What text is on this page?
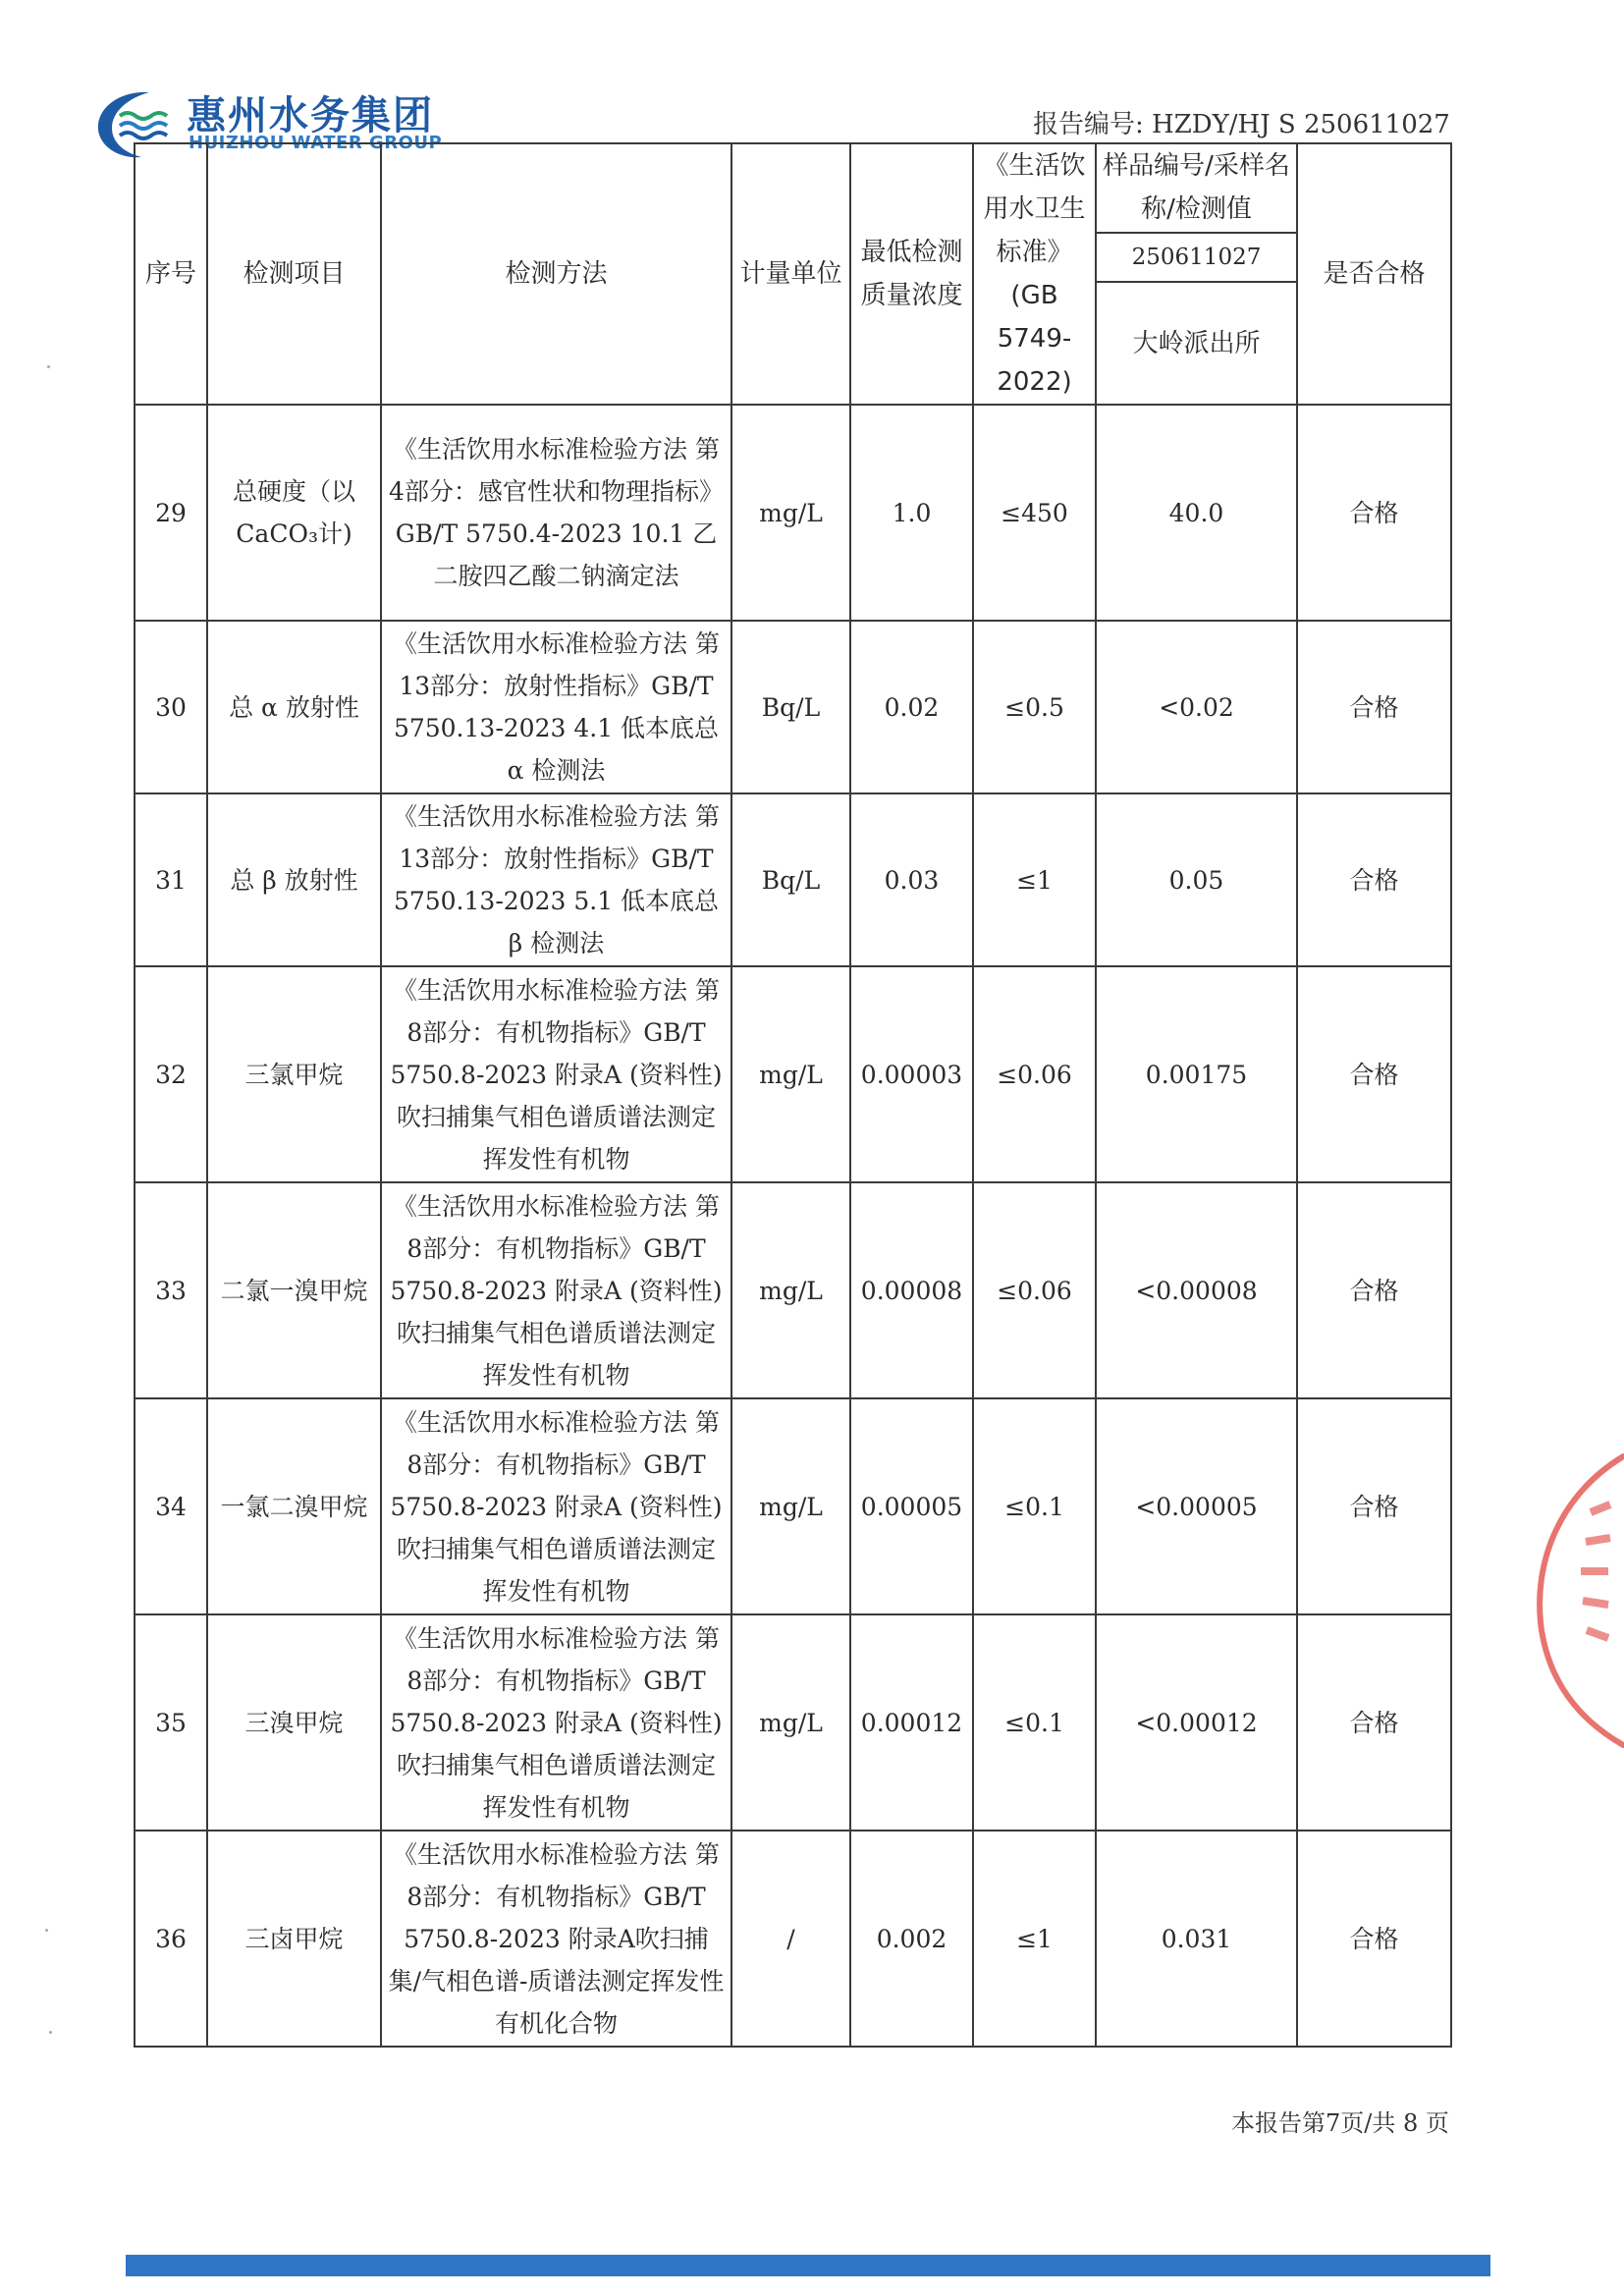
惠州水务集团
HUIZHOU WATER GROUP
报告编号: HZDY/HJ S 250611027
序号	检测项目	检测方法	计量单位	最低检测质量浓度	《生活饮用水卫生标准》(GB 5749-2022)	样品编号/采样名称/检测值	是否合格
						250611027	
						大岭派出所	
29	总硬度（以CaCO₃计)	《生活饮用水标准检验方法 第4部分：感官性状和物理指标》GB/T 5750.4-2023 10.1 乙二胺四乙酸二钠滴定法	mg/L	1.0	≤450	40.0	合格
30	总 α 放射性	《生活饮用水标准检验方法 第13部分：放射性指标》GB/T 5750.13-2023 4.1 低本底总 α 检测法	Bq/L	0.02	≤0.5	<0.02	合格
31	总 β 放射性	《生活饮用水标准检验方法 第13部分：放射性指标》GB/T 5750.13-2023 5.1 低本底总 β 检测法	Bq/L	0.03	≤1	0.05	合格
32	三氯甲烷	《生活饮用水标准检验方法 第8部分：有机物指标》GB/T 5750.8-2023 附录A (资料性)吹扫捕集气相色谱质谱法测定挥发性有机物	mg/L	0.00003	≤0.06	0.00175	合格
33	二氯一溴甲烷	《生活饮用水标准检验方法 第8部分：有机物指标》GB/T 5750.8-2023 附录A (资料性)吹扫捕集气相色谱质谱法测定挥发性有机物	mg/L	0.00008	≤0.06	<0.00008	合格
34	一氯二溴甲烷	《生活饮用水标准检验方法 第8部分：有机物指标》GB/T 5750.8-2023 附录A (资料性)吹扫捕集气相色谱质谱法测定挥发性有机物	mg/L	0.00005	≤0.1	<0.00005	合格
35	三溴甲烷	《生活饮用水标准检验方法 第8部分：有机物指标》GB/T 5750.8-2023 附录A (资料性)吹扫捕集气相色谱质谱法测定挥发性有机物	mg/L	0.00012	≤0.1	<0.00012	合格
36	三卤甲烷	《生活饮用水标准检验方法 第8部分：有机物指标》GB/T 5750.8-2023 附录A吹扫捕集/气相色谱-质谱法测定挥发性有机化合物	/	0.002	≤1	0.031	合格
本报告第7页/共 8 页
